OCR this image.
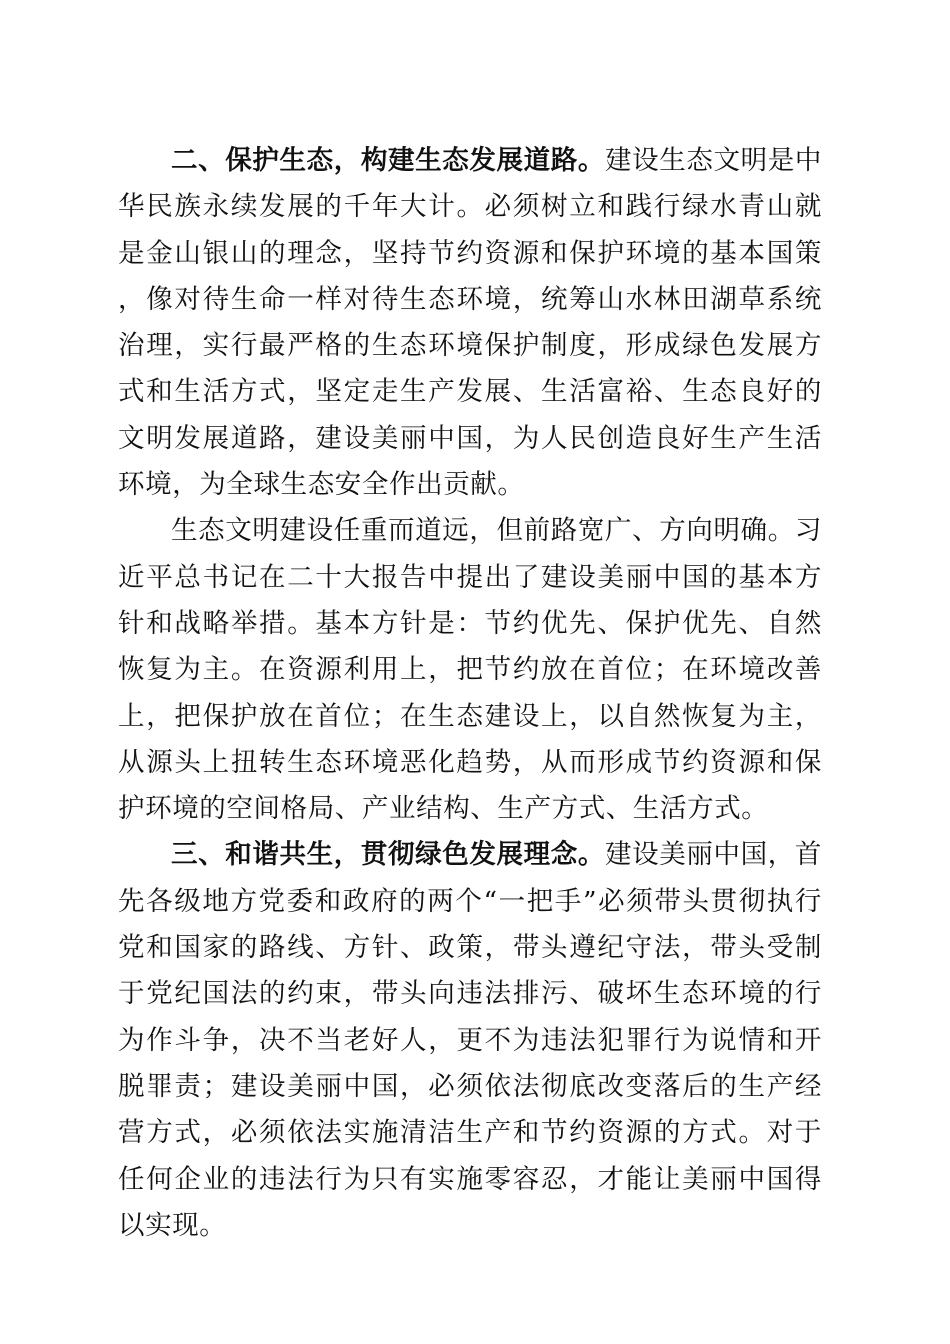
二、保护生态，构建生态发展道路。建设生态文明是中华民族永续发展的千年大计。必须树立和践行绿水青山就是金山银山的理念，坚持节约资源和保护环境的基本国策，像对待生命一样对待生态环境，统筹山水林田湖草系统治理，实行最严格的生态环境保护制度，形成绿色发展方式和生活方式，坚定走生产发展、生活富裕、生态良好的文明发展道路，建设美丽中国，为人民创造良好生产生活环境，为全球生态安全作出贡献。

生态文明建设任重而道远，但前路宽广、方向明确。习近平总书记在二十大报告中提出了建设美丽中国的基本方针和战略举措。基本方针是：节约优先、保护优先、自然恢复为主。在资源利用上，把节约放在首位；在环境改善上，把保护放在首位；在生态建设上，以自然恢复为主，从源头上扭转生态环境恶化趋势，从而形成节约资源和保护环境的空间格局、产业结构、生产方式、生活方式。

三、和谐共生，贯彻绿色发展理念。建设美丽中国，首先各级地方党委和政府的两个“一把手”必须带头贯彻执行党和国家的路线、方针、政策，带头遵纪守法，带头受制于党纪国法的约束，带头向违法排污、破坏生态环境的行为作斗争，决不当老好人，更不为违法犯罪行为说情和开脱罪责；建设美丽中国，必须依法彻底改变落后的生产经营方式，必须依法实施清洁生产和节约资源的方式。对于任何企业的违法行为只有实施零容忍，才能让美丽中国得以实现。
